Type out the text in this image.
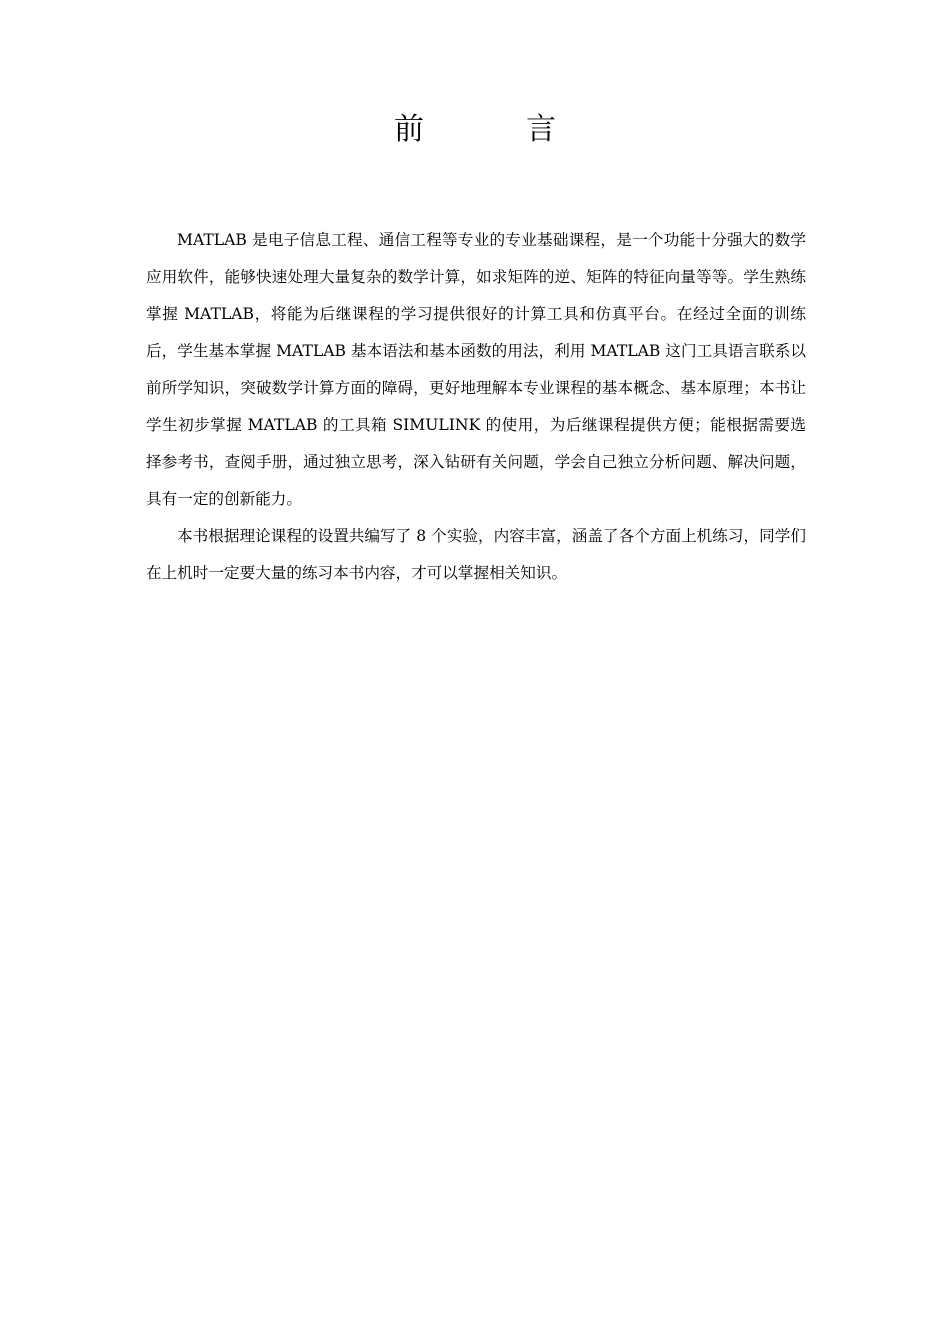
前　言

MATLAB 是电子信息工程、通信工程等专业的专业基础课程，是一个功能十分强大的数学应用软件，能够快速处理大量复杂的数学计算，如求矩阵的逆、矩阵的特征向量等等。学生熟练掌握 MATLAB，将能为后继课程的学习提供很好的计算工具和仿真平台。在经过全面的训练后，学生基本掌握 MATLAB 基本语法和基本函数的用法，利用 MATLAB 这门工具语言联系以前所学知识，突破数学计算方面的障碍，更好地理解本专业课程的基本概念、基本原理；本书让学生初步掌握 MATLAB 的工具箱 SIMULINK 的使用，为后继课程提供方便；能根据需要选择参考书，查阅手册，通过独立思考，深入钻研有关问题，学会自己独立分析问题、解决问题，具有一定的创新能力。

本书根据理论课程的设置共编写了 8 个实验，内容丰富，涵盖了各个方面上机练习，同学们在上机时一定要大量的练习本书内容，才可以掌握相关知识。
